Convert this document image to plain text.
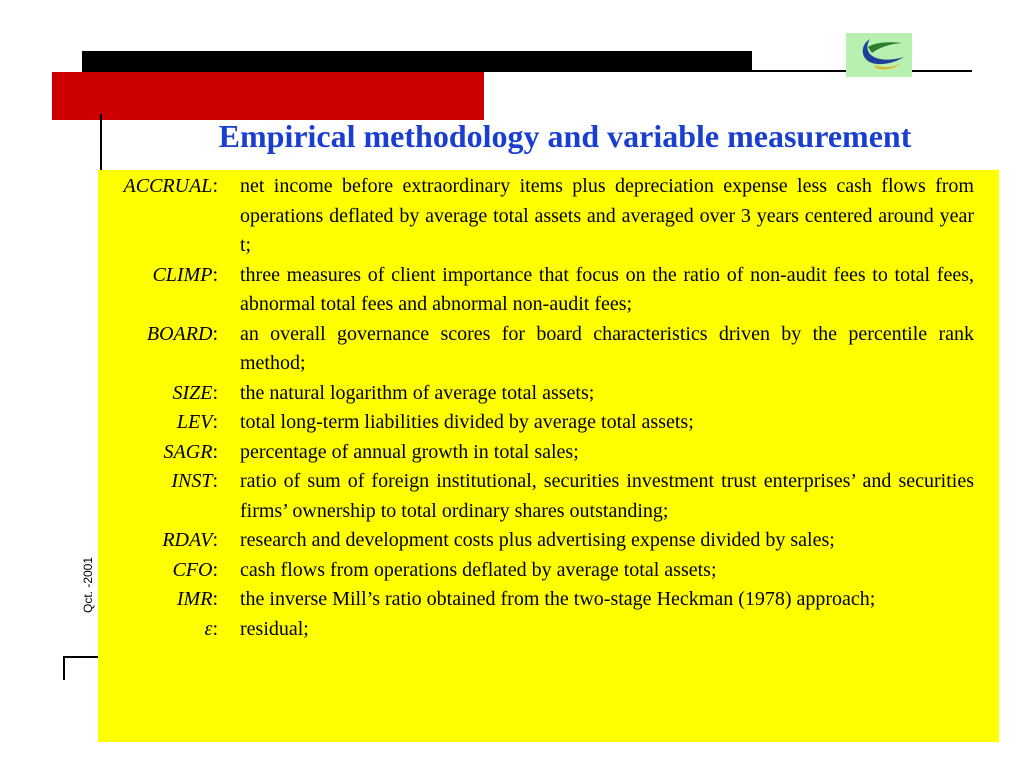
Empirical methodology and variable measurement
Qct. -2001
ACCRUAL: net income before extraordinary items plus depreciation expense less cash flows from operations deflated by average total assets and averaged over 3 years centered around year t;
CLIMP: three measures of client importance that focus on the ratio of non-audit fees to total fees, abnormal total fees and abnormal non-audit fees;
BOARD: an overall governance scores for board characteristics driven by the percentile rank method;
SIZE: the natural logarithm of average total assets;
LEV: total long-term liabilities divided by average total assets;
SAGR: percentage of annual growth in total sales;
INST: ratio of sum of foreign institutional, securities investment trust enterprises’ and securities firms’ ownership to total ordinary shares outstanding;
RDAV: research and development costs plus advertising expense divided by sales;
CFO: cash flows from operations deflated by average total assets;
IMR: the inverse Mill’s ratio obtained from the two-stage Heckman (1978) approach;
ε: residual;
